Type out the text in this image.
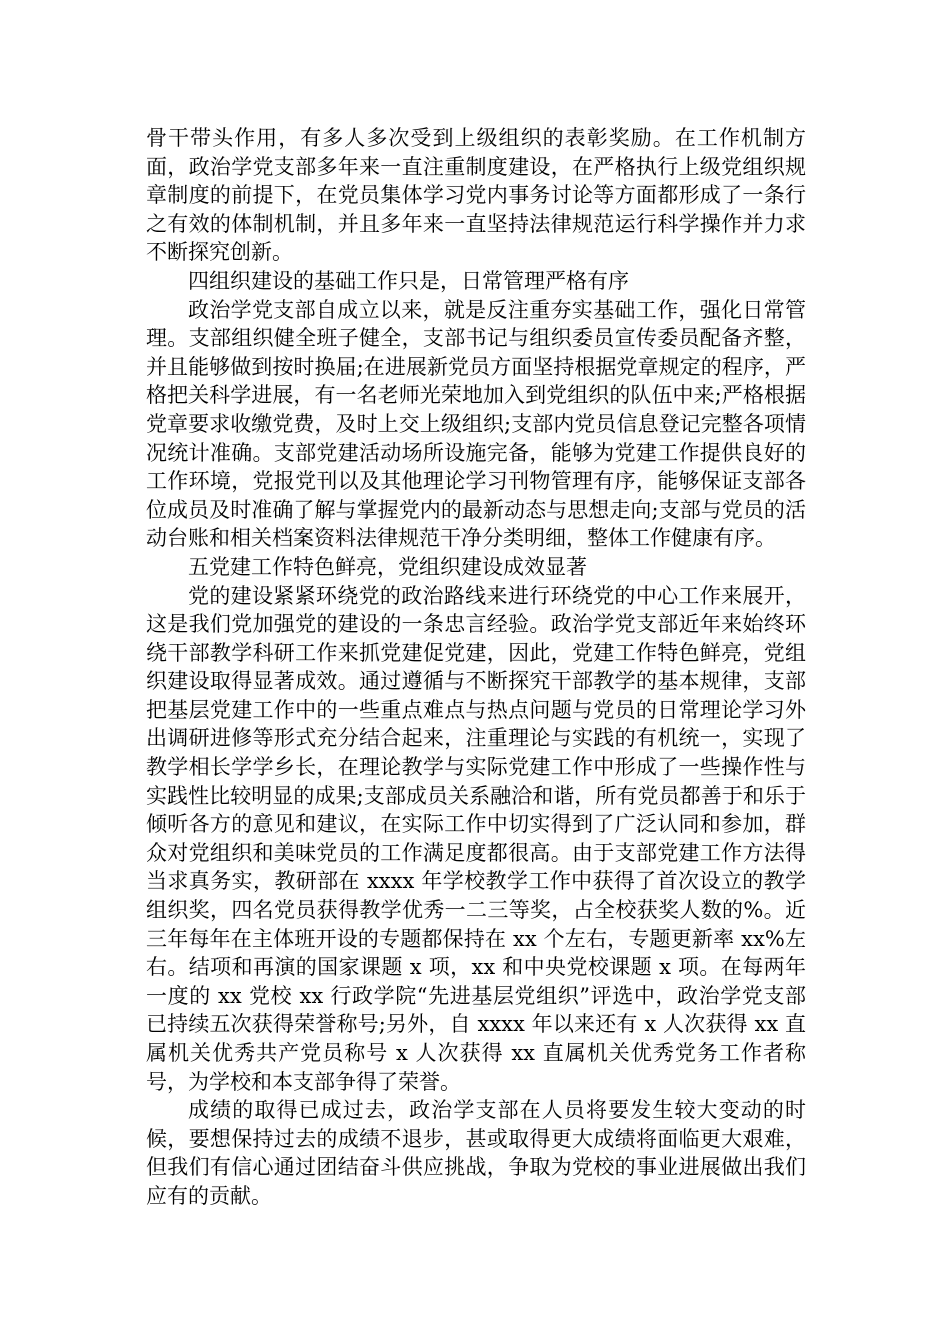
骨干带头作用，有多人多次受到上级组织的表彰奖励。在工作机制方面，政治学党支部多年来一直注重制度建设，在严格执行上级党组织规章制度的前提下，在党员集体学习党内事务讨论等方面都形成了一条行之有效的体制机制，并且多年来一直坚持法律规范运行科学操作并力求不断探究创新。

四组织建设的基础工作只是，日常管理严格有序

政治学党支部自成立以来，就是反注重夯实基础工作，强化日常管理。支部组织健全班子健全，支部书记与组织委员宣传委员配备齐整，并且能够做到按时换届;在进展新党员方面坚持根据党章规定的程序，严格把关科学进展，有一名老师光荣地加入到党组织的队伍中来;严格根据党章要求收缴党费，及时上交上级组织;支部内党员信息登记完整各项情况统计准确。支部党建活动场所设施完备，能够为党建工作提供良好的工作环境，党报党刊以及其他理论学习刊物管理有序，能够保证支部各位成员及时准确了解与掌握党内的最新动态与思想走向;支部与党员的活动台账和相关档案资料法律规范干净分类明细，整体工作健康有序。

五党建工作特色鲜亮，党组织建设成效显著

党的建设紧紧环绕党的政治路线来进行环绕党的中心工作来展开，这是我们党加强党的建设的一条忠言经验。政治学党支部近年来始终环绕干部教学科研工作来抓党建促党建，因此，党建工作特色鲜亮，党组织建设取得显著成效。通过遵循与不断探究干部教学的基本规律，支部把基层党建工作中的一些重点难点与热点问题与党员的日常理论学习外出调研进修等形式充分结合起来，注重理论与实践的有机统一，实现了教学相长学学乡长，在理论教学与实际党建工作中形成了一些操作性与实践性比较明显的成果;支部成员关系融洽和谐，所有党员都善于和乐于倾听各方的意见和建议，在实际工作中切实得到了广泛认同和参加，群众对党组织和美味党员的工作满足度都很高。由于支部党建工作方法得当求真务实，教研部在 xxxx 年学校教学工作中获得了首次设立的教学组织奖，四名党员获得教学优秀一二三等奖，占全校获奖人数的%。近三年每年在主体班开设的专题都保持在 xx 个左右，专题更新率 xx%左右。结项和再演的国家课题 x 项，xx 和中央党校课题 x 项。在每两年一度的 xx 党校 xx 行政学院“先进基层党组织”评选中，政治学党支部已持续五次获得荣誉称号;另外，自 xxxx 年以来还有 x 人次获得 xx 直属机关优秀共产党员称号 x 人次获得 xx 直属机关优秀党务工作者称号，为学校和本支部争得了荣誉。

成绩的取得已成过去，政治学支部在人员将要发生较大变动的时候，要想保持过去的成绩不退步，甚或取得更大成绩将面临更大艰难，但我们有信心通过团结奋斗供应挑战，争取为党校的事业进展做出我们应有的贡献。
